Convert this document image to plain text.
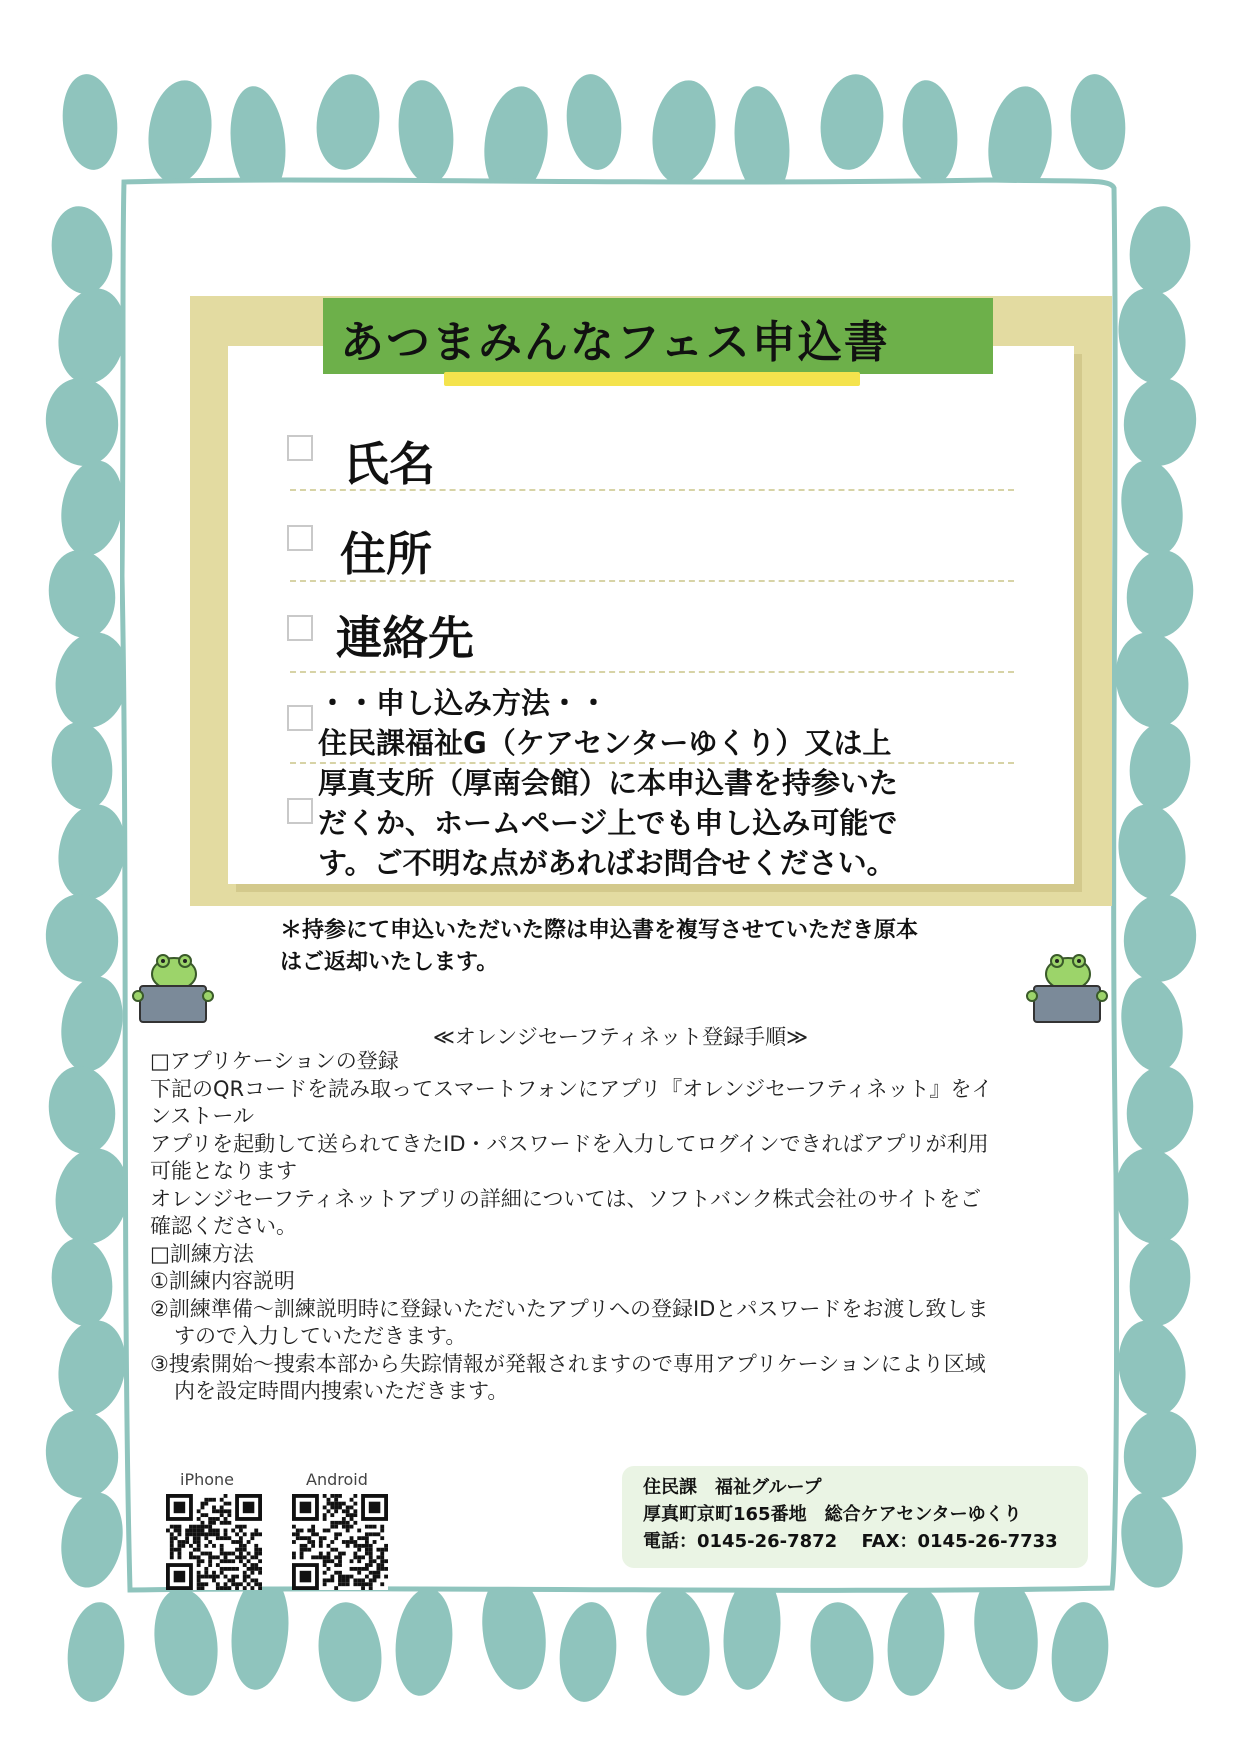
あつまみんなフェス申込書
氏名
住所
連絡先
・・申し込み方法・・
住民課福祉G（ケアセンターゆくり）又は上
厚真支所（厚南会館）に本申込書を持参いた
だくか、ホームページ上でも申し込み可能で
す。ご不明な点があればお問合せください。
＊持参にて申込いただいた際は申込書を複写させていただき原本
はご返却いたします。
≪オレンジセーフティネット登録手順≫
□アプリケーションの登録
下記のQRコードを読み取ってスマートフォンにアプリ『オレンジセーフティネット』をイ
ンストール
アプリを起動して送られてきたID・パスワードを入力してログインできればアプリが利用
可能となります
オレンジセーフティネットアプリの詳細については、ソフトバンク株式会社のサイトをご
確認ください。
□訓練方法
①訓練内容説明
②訓練準備～訓練説明時に登録いただいたアプリへの登録IDとパスワードをお渡し致しま
すので入力していただきます。
③捜索開始～捜索本部から失踪情報が発報されますので専用アプリケーションにより区域
内を設定時間内捜索いただきます。
iPhone	Android	住民課　福祉グループ
厚真町京町165番地　総合ケアセンターゆくり
電話：0145-26-7872　 FAX：0145-26-7733
